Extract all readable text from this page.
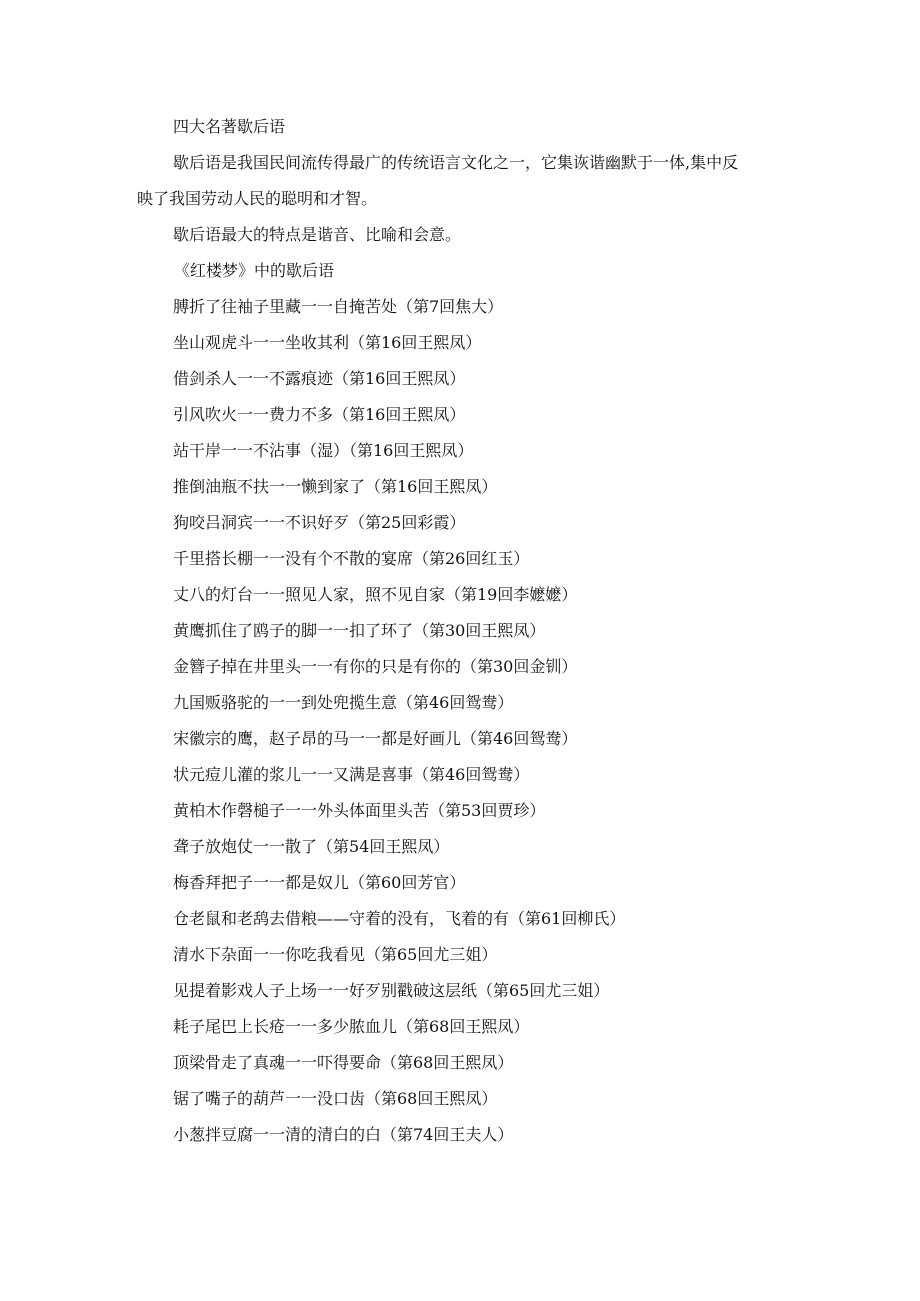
四大名著歇后语
歇后语是我国民间流传得最广的传统语言文化之一，它集诙谐幽默于一体,集中反
映了我国劳动人民的聪明和才智。
歇后语最大的特点是谐音、比喻和会意。
《红楼梦》中的歇后语
膊折了往袖子里藏一一自掩苦处（第7回焦大）
坐山观虎斗一一坐收其利（第16回王熙凤）
借剑杀人一一不露痕迹（第16回王熙凤）
引风吹火一一费力不多（第16回王熙凤）
站干岸一一不沾事（湿）（第16回王熙凤）
推倒油瓶不扶一一懒到家了（第16回王熙凤）
狗咬吕洞宾一一不识好歹（第25回彩霞）
千里搭长棚一一没有个不散的宴席（第26回红玉）
丈八的灯台一一照见人家，照不见自家（第19回李嬷嬷）
黄鹰抓住了鸥子的脚一一扣了环了（第30回王熙凤）
金簪子掉在井里头一一有你的只是有你的（第30回金钏）
九国贩骆驼的一一到处兜揽生意（第46回鸳鸯）
宋徽宗的鹰，赵子昂的马一一都是好画儿（第46回鸳鸯）
状元痘儿灌的浆儿一一又满是喜事（第46回鸳鸯）
黄柏木作磬槌子一一外头体面里头苦（第53回贾珍）
聋子放炮仗一一散了（第54回王熙凤）
梅香拜把子一一都是奴儿（第60回芳官）
仓老鼠和老鸹去借粮——守着的没有，飞着的有（第61回柳氏）
清水下杂面一一你吃我看见（第65回尤三姐）
见提着影戏人子上场一一好歹别戳破这层纸（第65回尤三姐）
耗子尾巴上长疮一一多少脓血儿（第68回王熙凤）
顶梁骨走了真魂一一吓得要命（第68回王熙凤）
锯了嘴子的葫芦一一没口齿（第68回王熙凤）
小葱拌豆腐一一清的清白的白（第74回王夫人）
